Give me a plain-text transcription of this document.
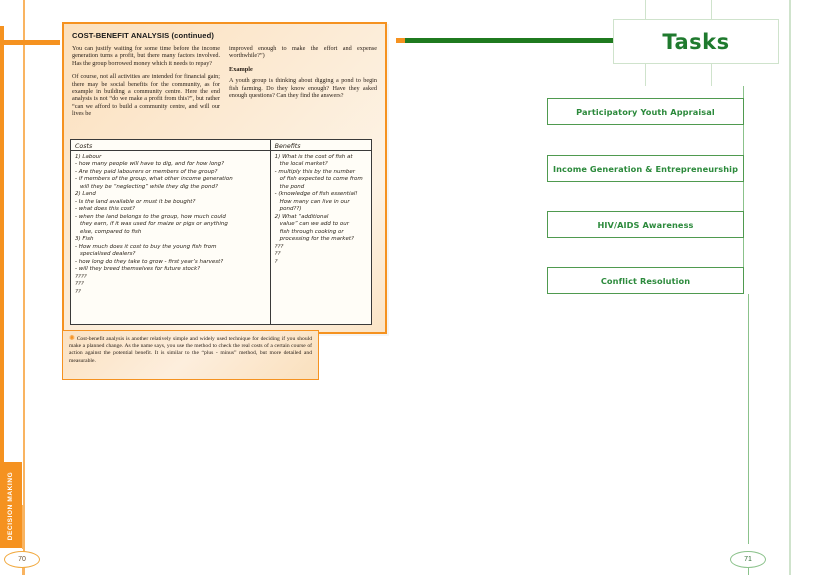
DECISION MAKING
70
COST-BENEFIT ANALYSIS (continued)

You can justify waiting for some time before the income generation turns a profit, but there many factors involved. Has the group borrowed money which it needs to repay?

Of course, not all activities are intended for financial gain; there may be social benefits for the community, as for example in building a community centre. Here the end analysis is not “do we make a profit from this?”, but rather “can we afford to build a community centre, and will our lives be

improved enough to make the effort and expense worthwhile?”)

Example

A youth group is thinking about digging a pond to begin fish farming. Do they know enough? Have they asked enough questions? Can they find the answers?

Costs
1) Labour
- how many people will have to dig, and for how long?
- Are they paid labourers or members of the group?
- if members of the group, what other income generation
will they be “neglecting” while they dig the pond?
2) Land
- Is the land available or must it be bought?
- what does this cost?
- when the land belongs to the group, how much could
they earn, if it was used for maize or pigs or anything
else, compared to fish
3) Fish
- How much does it cost to buy the young fish from
specialised dealers?
- how long do they take to grow - first year’s harvest?
- will they breed themselves for future stock?
????
???
??
Benefits
1) What is the cost of fish at
the local market?
- multiply this by the number
of fish expected to come from
the pond
- (knowledge of fish essential!
How many can live in our
pond??)
2) What “additional
value” can we add to our
fish through cooking or
processing for the market?
???
??
?

✺ Cost-benefit analysis is another relatively simple and widely used technique for deciding if you should make a planned change. As the name says, you use the method to check the real costs of a certain course of action against the potential benefit. It is similar to the “plus - minus” method, but more detailed and measurable.

Tasks
Participatory Youth Appraisal
Income Generation & Entrepreneurship
HIV/AIDS Awareness
Conflict Resolution
71
